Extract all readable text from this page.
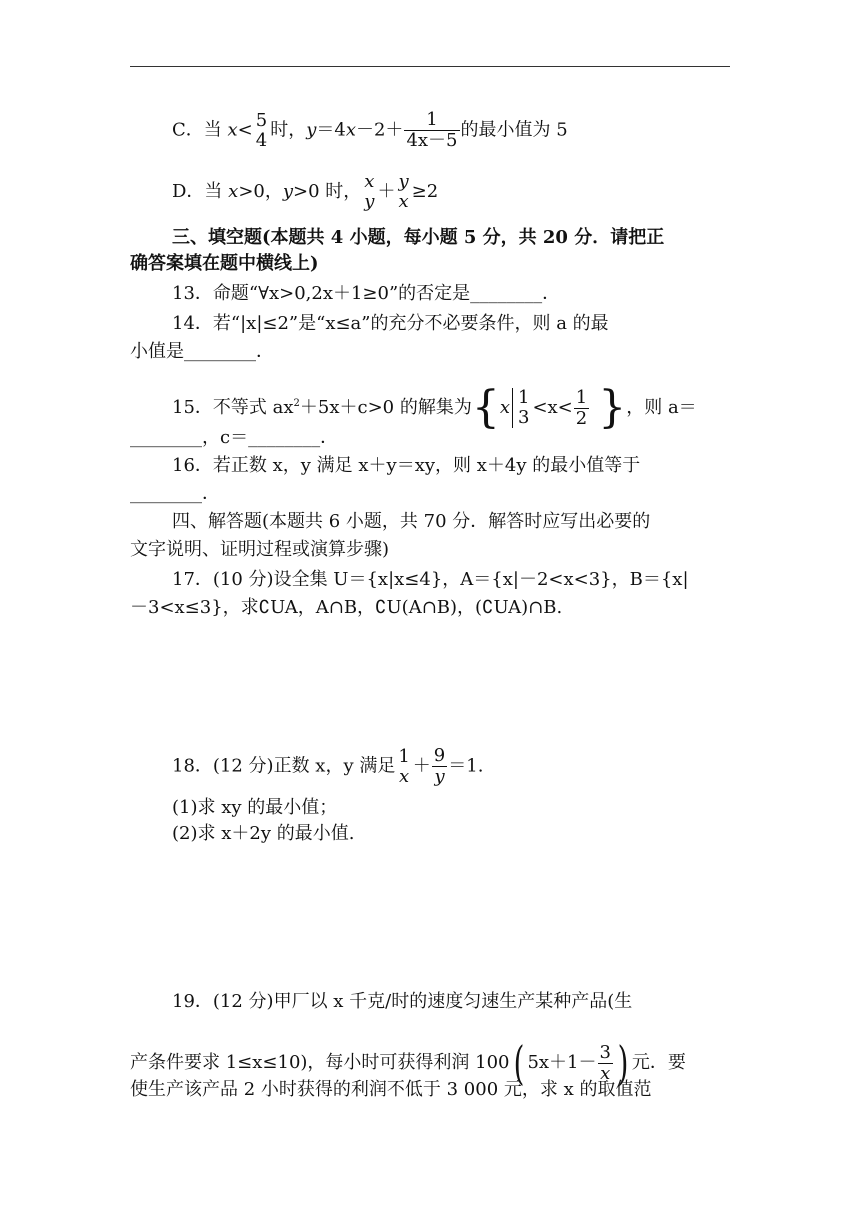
C．当 x< 5
4 时，$y=4x-2+ \frac{1}{4x-5}$ 的最小值为 5
D．当 x>0，y>0 时， x
y ＋ y
x ≥2
三、填空题(本题共 4 小题，每小题 5 分，共 20 分．请把正
确答案填在题中横线上)
13．命题“∀x>0,2x＋1≥0”的否定是________．
14．若“|x|≤2”是“x≤a”的充分不必要条件，则 a 的最
小值是________．
15．不等式 $ax^2+5x+c>0$ 的解集为{x 1
$3 <x< \frac{1}{2}$ }，则 a＝
________，c＝________．
16．若正数 x，y 满足 x＋y＝xy，则 x＋4y 的最小值等于
________．
四、解答题(本题共 6 小题，共 70 分．解答时应写出必要的
文字说明、证明过程或演算步骤)
17．(10 分)设全集 U＝{x|x≤4}，A＝{x|－2<x<3}，B＝{x|
－3<x≤3}，求∁UA，A∩B，∁U(A∩B)，(∁UA)∩B.
18．(12 分)正数 x，y 满足 1
$x + \frac{9}{y} =1$.
(1)求 xy 的最小值；
(2)求 x＋2y 的最小值.
19．(12 分)甲厂以 x 千克/时的速度匀速生产某种产品(生
产条件要求 1≤x≤10)，每小时可获得利润 100( $5x+1- \frac{3}{x}$ ) 元．要
使生产该产品 2 小时获得的利润不低于 3 000 元，求 x 的取值范
